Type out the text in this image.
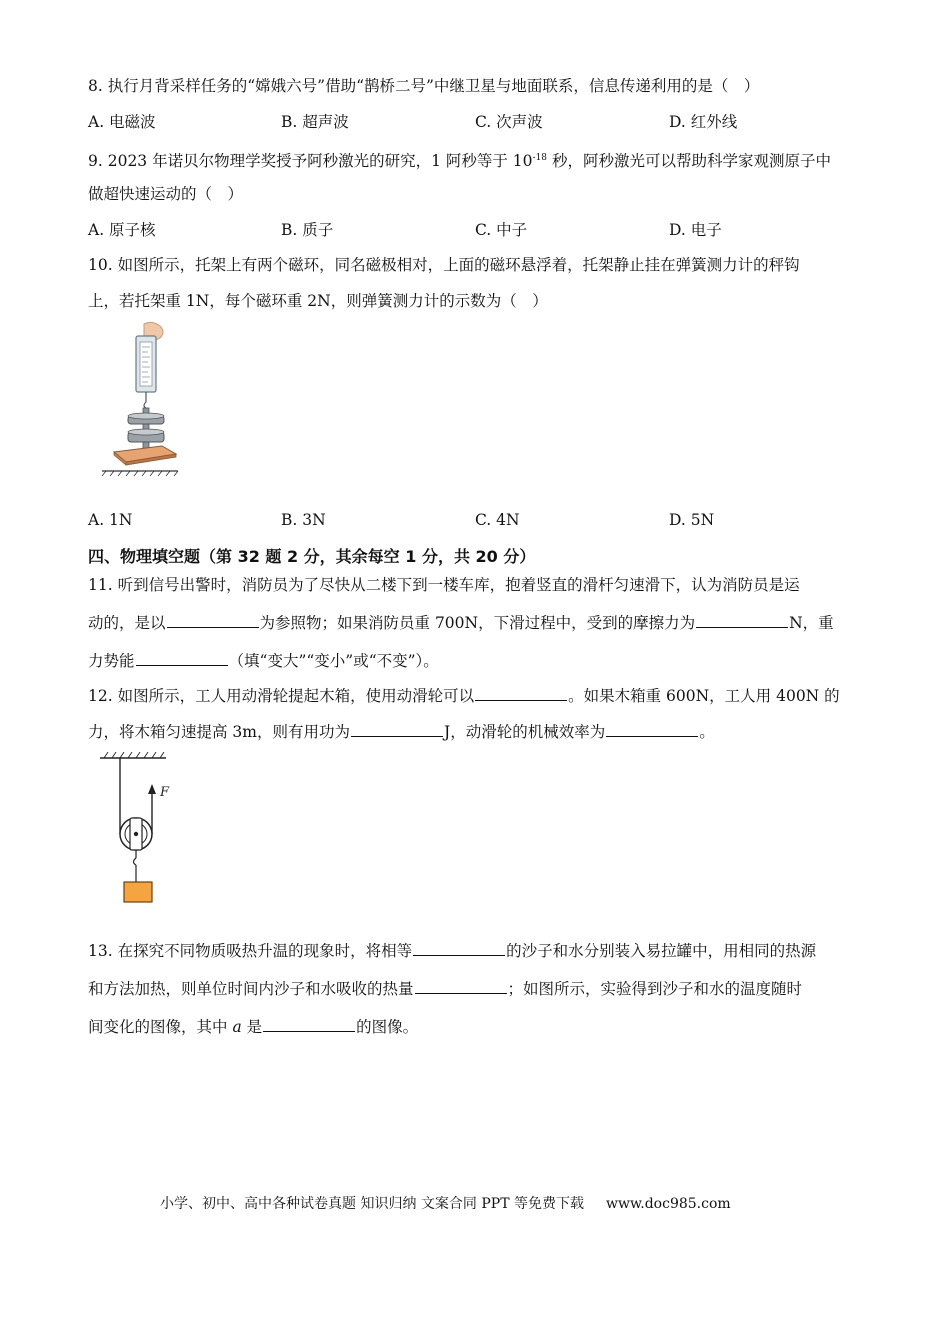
8. 执行月背采样任务的“嫦娥六号”借助“鹊桥二号”中继卫星与地面联系，信息传递利用的是（　）
A. 电磁波	B. 超声波	C. 次声波	D. 红外线
9. 2023 年诺贝尔物理学奖授予阿秒激光的研究，1 阿秒等于 $10^{-18}$ 秒，阿秒激光可以帮助科学家观测原子中
做超快速运动的（　）
A. 原子核	B. 质子	C. 中子	D. 电子
10. 如图所示，托架上有两个磁环，同名磁极相对，上面的磁环悬浮着，托架静止挂在弹簧测力计的秤钩
上，若托架重 1N，每个磁环重 2N，则弹簧测力计的示数为（　）
A. 1N	B. 3N	C. 4N	D. 5N
四、物理填空题（第 32 题 2 分，其余每空 1 分，共 20 分）
11. 听到信号出警时，消防员为了尽快从二楼下到一楼车库，抱着竖直的滑杆匀速滑下，认为消防员是运
动的，是以	为参照物；如果消防员重 700N，下滑过程中，受到的摩擦力为	N，重
力势能	（填“变大”“变小”或“不变”）。
12. 如图所示，工人用动滑轮提起木箱，使用动滑轮可以	。如果木箱重 600N，工人用 400N 的
力，将木箱匀速提高 3m，则有用功为	J，动滑轮的机械效率为	。
F
13. 在探究不同物质吸热升温的现象时，将相等	的沙子和水分别装入易拉罐中，用相同的热源
和方法加热，则单位时间内沙子和水吸收的热量	；如图所示，实验得到沙子和水的温度随时
间变化的图像，其中 a 是	的图像。
小学、初中、高中各种试卷真题 知识归纳 文案合同 PPT 等免费下载 www.doc985.com
